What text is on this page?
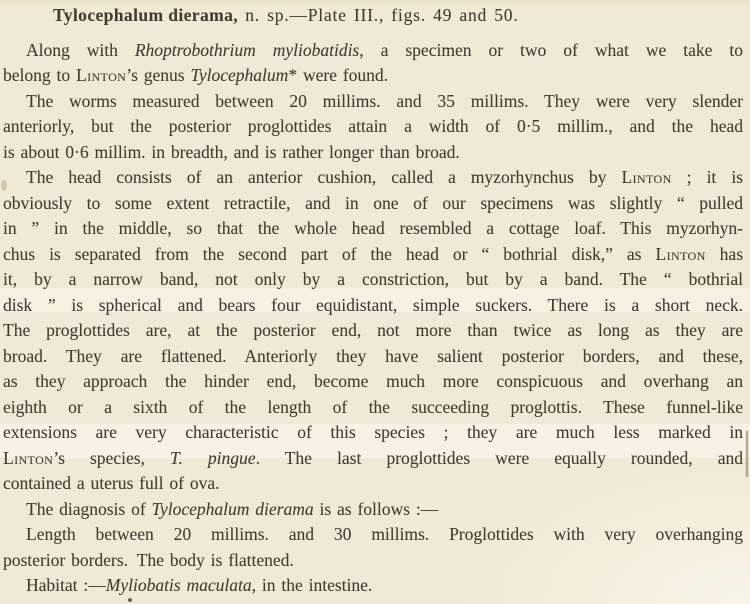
Tylocephalum dierama, n. sp.—Plate III., figs. 49 and 50.
Along with Rhoptrobothrium myliobatidis, a specimen or two of what we take to
belong to Linton’s genus Tylocephalum* were found.
The worms measured between 20 millims. and 35 millims. They were very slender
anteriorly, but the posterior proglottides attain a width of 0·5 millim., and the head
is about 0·6 millim. in breadth, and is rather longer than broad.
The head consists of an anterior cushion, called a myzorhynchus by Linton ; it is
obviously to some extent retractile, and in one of our specimens was slightly “ pulled
in ” in the middle, so that the whole head resembled a cottage loaf. This myzorhyn-
chus is separated from the second part of the head or “ bothrial disk,” as Linton has
it, by a narrow band, not only by a constriction, but by a band. The “ bothrial
disk ” is spherical and bears four equidistant, simple suckers. There is a short neck.
The proglottides are, at the posterior end, not more than twice as long as they are
broad. They are flattened. Anteriorly they have salient posterior borders, and these,
as they approach the hinder end, become much more conspicuous and overhang an
eighth or a sixth of the length of the succeeding proglottis. These funnel-like
extensions are very characteristic of this species ; they are much less marked in
Linton’s species, T. pingue. The last proglottides were equally rounded, and
contained a uterus full of ova.
The diagnosis of Tylocephalum dierama is as follows :—
Length between 20 millims. and 30 millims. Proglottides with very overhanging
posterior borders. The body is flattened.
Habitat :—Myliobatis maculata, in the intestine.
